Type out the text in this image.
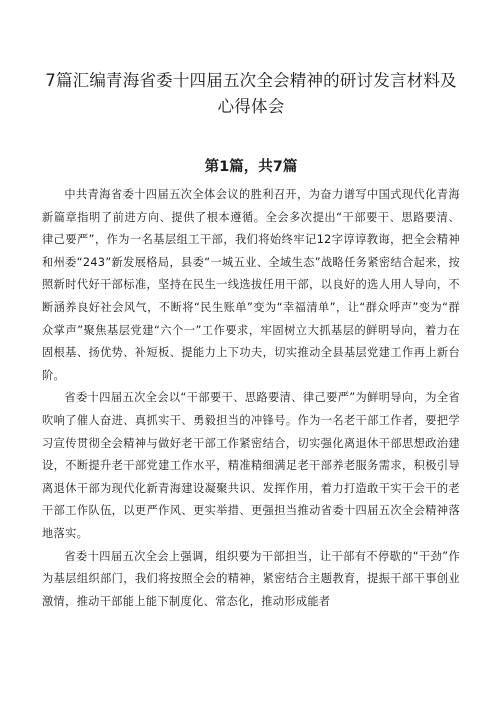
7篇汇编青海省委十四届五次全会精神的研讨发言材料及心得体会
第1篇，共7篇

中共青海省委十四届五次全体会议的胜利召开，为奋力谱写中国式现代化青海新篇章指明了前进方向、提供了根本遵循。全会多次提出“干部要干、思路要清、律己要严”，作为一名基层组工干部，我们将始终牢记12字谆谆教诲，把全会精神和州委“243”新发展格局，县委“一城五业、全域生态”战略任务紧密结合起来，按照新时代好干部标准，坚持在民生一线选拔任用干部，以良好的选人用人导向，不断涵养良好社会风气，不断将“民生账单”变为“幸福清单”，让“群众呼声”变为“群众掌声”聚焦基层党建“六个一”工作要求，牢固树立大抓基层的鲜明导向，着力在固根基、扬优势、补短板、提能力上下功夫，切实推动全县基层党建工作再上新台阶。

省委十四届五次全会以“干部要干、思路要清、律己要严”为鲜明导向，为全省吹响了催人奋进、真抓实干、勇毅担当的冲锋号。作为一名老干部工作者，要把学习宣传贯彻全会精神与做好老干部工作紧密结合，切实强化离退休干部思想政治建设，不断提升老干部党建工作水平，精准精细满足老干部养老服务需求，积极引导离退休干部为现代化新青海建设凝聚共识、发挥作用，着力打造敢干实干会干的老干部工作队伍，以更严作风、更实举措、更强担当推动省委十四届五次全会精神落地落实。

省委十四届五次全会上强调，组织要为干部担当，让干部有不停歇的“干劲”作为基层组织部门，我们将按照全会的精神，紧密结合主题教育，提振干部干事创业激情，推动干部能上能下制度化、常态化，推动形成能者
